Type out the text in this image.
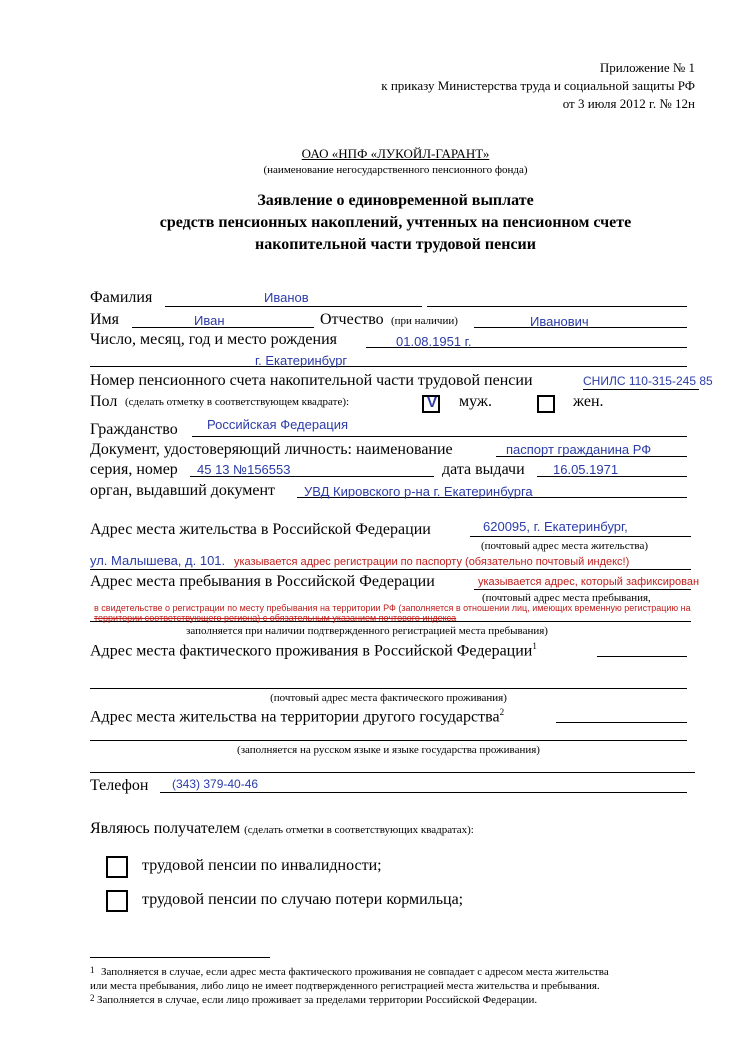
Приложение № 1
к приказу Министерства труда и социальной защиты РФ
от 3 июля 2012 г. № 12н
ОАО «НПФ «ЛУКОЙЛ-ГАРАНТ»
(наименование негосударственного пенсионного фонда)
Заявление о единовременной выплате
средств пенсионных накоплений, учтенных на пенсионном счете
накопительной части трудовой пенсии
Фамилия	Иванов
Имя	Иван	Отчество (при наличии)	Иванович
Число, месяц, год и место рождения	01.08.1951 г.
г. Екатеринбург
Номер пенсионного счета накопительной части трудовой пенсии	СНИЛС 110-315-245 85
Пол (сделать отметку в соответствующем квадрате):	V муж.	жен.
Гражданство Российская Федерация
Документ, удостоверяющий личность: наименование	паспорт гражданина РФ
серия, номер 45 13 №156553	дата выдачи 16.05.1971
орган, выдавший документ УВД Кировского р-на г. Екатеринбурга
Адрес места жительства в Российской Федерации	620095, г. Екатеринбург,
(почтовый адрес места жительства)
ул. Малышева, д. 101. указывается адрес регистрации по паспорту (обязательно почтовый индекс!)
Адрес места пребывания в Российской Федерации	указывается адрес, который зафиксирован
(почтовый адрес места пребывания,
в свидетельстве о регистрации по месту пребывания на территории РФ (заполняется в отношении лиц, имеющих временную регистрацию на
территории соответствующего региона) с обязательным указанием почтового индекса
заполняется при наличии подтвержденного регистрацией места пребывания)
Адрес места фактического проживания в Российской Федерации$^1$
(почтовый адрес места фактического проживания)
Адрес места жительства на территории другого государства$^2$
(заполняется на русском языке и языке государства проживания)
Телефон (343) 379-40-46
Являюсь получателем (сделать отметки в соответствующих квадратах):
трудовой пенсии по инвалидности;
трудовой пенсии по случаю потери кормильца;
1 Заполняется в случае, если адрес места фактического проживания не совпадает с адресом места жительства
или места пребывания, либо лицо не имеет подтвержденного регистрацией места жительства и пребывания.
2 Заполняется в случае, если лицо проживает за пределами территории Российской Федерации.
